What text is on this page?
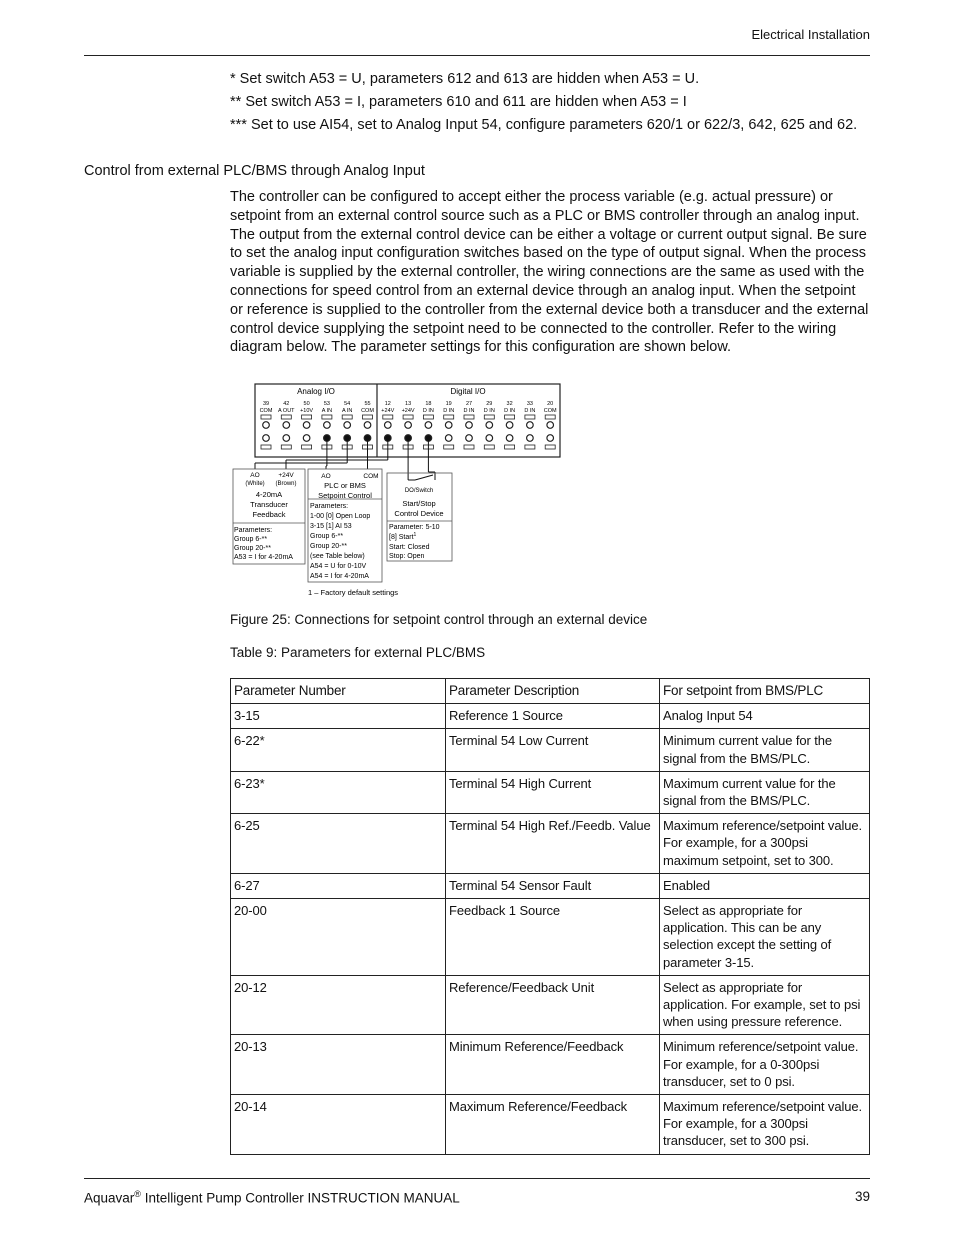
Electrical Installation

* Set switch A53 = U, parameters 612 and 613 are hidden when A53 = U.

** Set switch A53 = I, parameters 610 and 611 are hidden when A53 = I

*** Set to use AI54, set to Analog Input 54, configure parameters 620/1 or 622/3, 642, 625 and 62.

Control from external PLC/BMS through Analog Input
The controller can be configured to accept either the process variable (e.g. actual pressure) or setpoint from an external control source such as a PLC or BMS controller through an analog input. The output from the external control device can be either a voltage or current output signal. Be sure to set the analog input configuration switches based on the type of output signal. When the process variable is supplied by the external controller, the wiring connections are the same as used with the connections for speed control from an external device through an analog input. When the setpoint or reference is supplied to the controller from the external device both a transducer and the external control device supplying the setpoint need to be connected to the controller. Refer to the wiring diagram below. The parameter settings for this configuration are shown below.
Analog I/O	Digital I/O
39
COM
42
A OUT
50
+10V
53
A IN
54
A IN
55
COM
12
+24V
13
+24V
18
D IN
19
D IN
27
D IN
29
D IN
32
D IN
33
D IN
20
COM
AO
(White)
+24V
(Brown)
4-20mA
Transducer
Feedback
Parameters:
Group 6-**
Group 20-**
A53 = I for 4-20mA
AO	COM
PLC or BMS
Setpoint Control
Parameters:
1-00 [0] Open Loop
3-15 [1] AI 53
Group 6-**
Group 20-**
(see Table below)
A54 = U for 0-10V
A54 = I for 4-20mA
DO/Switch
Start/Stop
Control Device
Parameter: 5-10
[8] Start$^1$
Start: Closed
Stop: Open
1 – Factory default settings
Figure 25: Connections for setpoint control through an external device
Table 9: Parameters for external PLC/BMS
Parameter Number	Parameter Description	For setpoint from BMS/PLC
3-15	Reference 1 Source	Analog Input 54
6-22*	Terminal 54 Low Current	Minimum current value for the signal from the BMS/PLC.
6-23*	Terminal 54 High Current	Maximum current value for the signal from the BMS/PLC.
6-25	Terminal 54 High Ref./Feedb. Value	Maximum reference/setpoint value. For example, for a 300psi maximum setpoint, set to 300.
6-27	Terminal 54 Sensor Fault	Enabled
20-00	Feedback 1 Source	Select as appropriate for application. This can be any selection except the setting of parameter 3-15.
20-12	Reference/Feedback Unit	Select as appropriate for application. For example, set to psi when using pressure reference.
20-13	Minimum Reference/Feedback	Minimum reference/setpoint value. For example, for a 0-300psi transducer, set to 0 psi.
20-14	Maximum Reference/Feedback	Maximum reference/setpoint value. For example, for a 300psi transducer, set to 300 psi.
Aquavar® Intelligent Pump Controller INSTRUCTION MANUAL	39
